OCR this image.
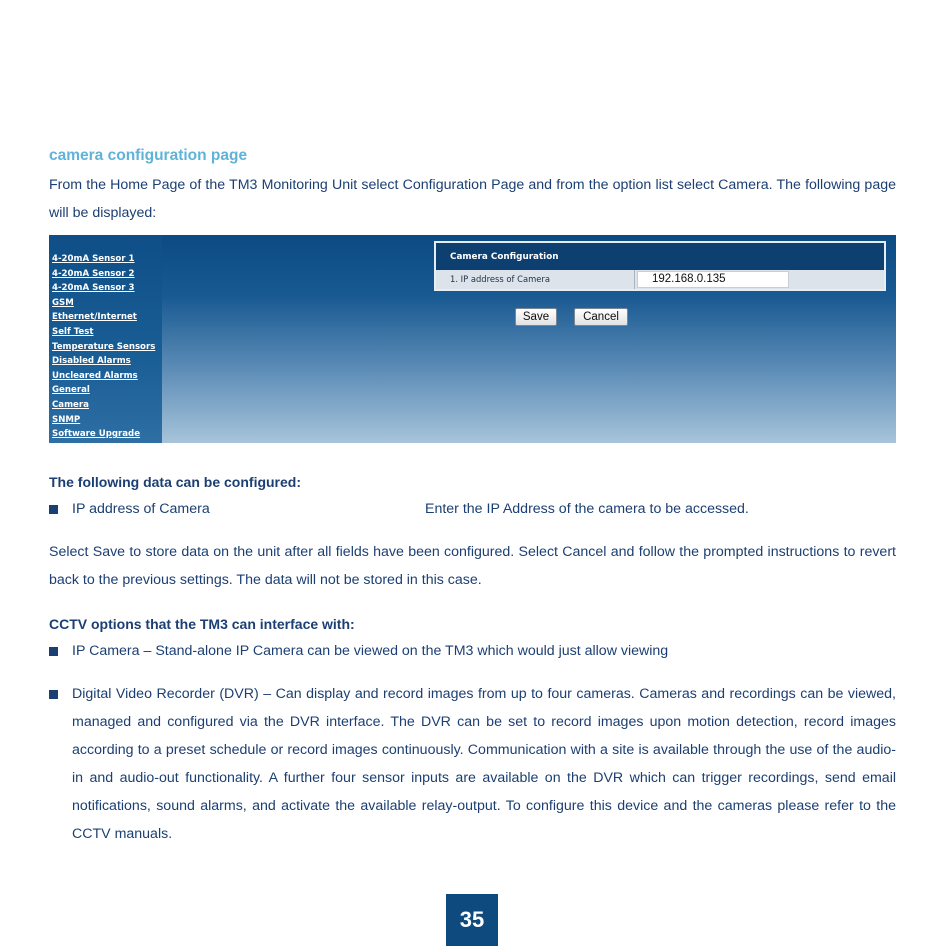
camera configuration page
From the Home Page of the TM3 Monitoring Unit select Configuration Page and from the option list select Camera. The following page will be displayed:
4-20mA Sensor 1
4-20mA Sensor 2
4-20mA Sensor 3
GSM
Ethernet/Internet
Self Test
Temperature Sensors
Disabled Alarms
Uncleared Alarms
General
Camera
SNMP
Software Upgrade
Camera Configuration
1. IP address of Camera	192.168.0.135
Save	Cancel
The following data can be configured:
IP address of Camera	Enter the IP Address of the camera to be accessed.
Select Save to store data on the unit after all fields have been configured. Select Cancel and follow the prompted instructions to revert back to the previous settings. The data will not be stored in this case.
CCTV options that the TM3 can interface with:
IP Camera – Stand-alone IP Camera can be viewed on the TM3 which would just allow viewing
Digital Video Recorder (DVR) – Can display and record images from up to four cameras. Cameras and recordings can be viewed, managed and configured via the DVR interface. The DVR can be set to record images upon motion detection, record images according to a preset schedule or record images continuously. Communication with a site is available through the use of the audio-in and audio-out functionality. A further four sensor inputs are available on the DVR which can trigger recordings, send email notifications, sound alarms, and activate the available relay-output. To configure this device and the cameras please refer to the CCTV manuals.
35
